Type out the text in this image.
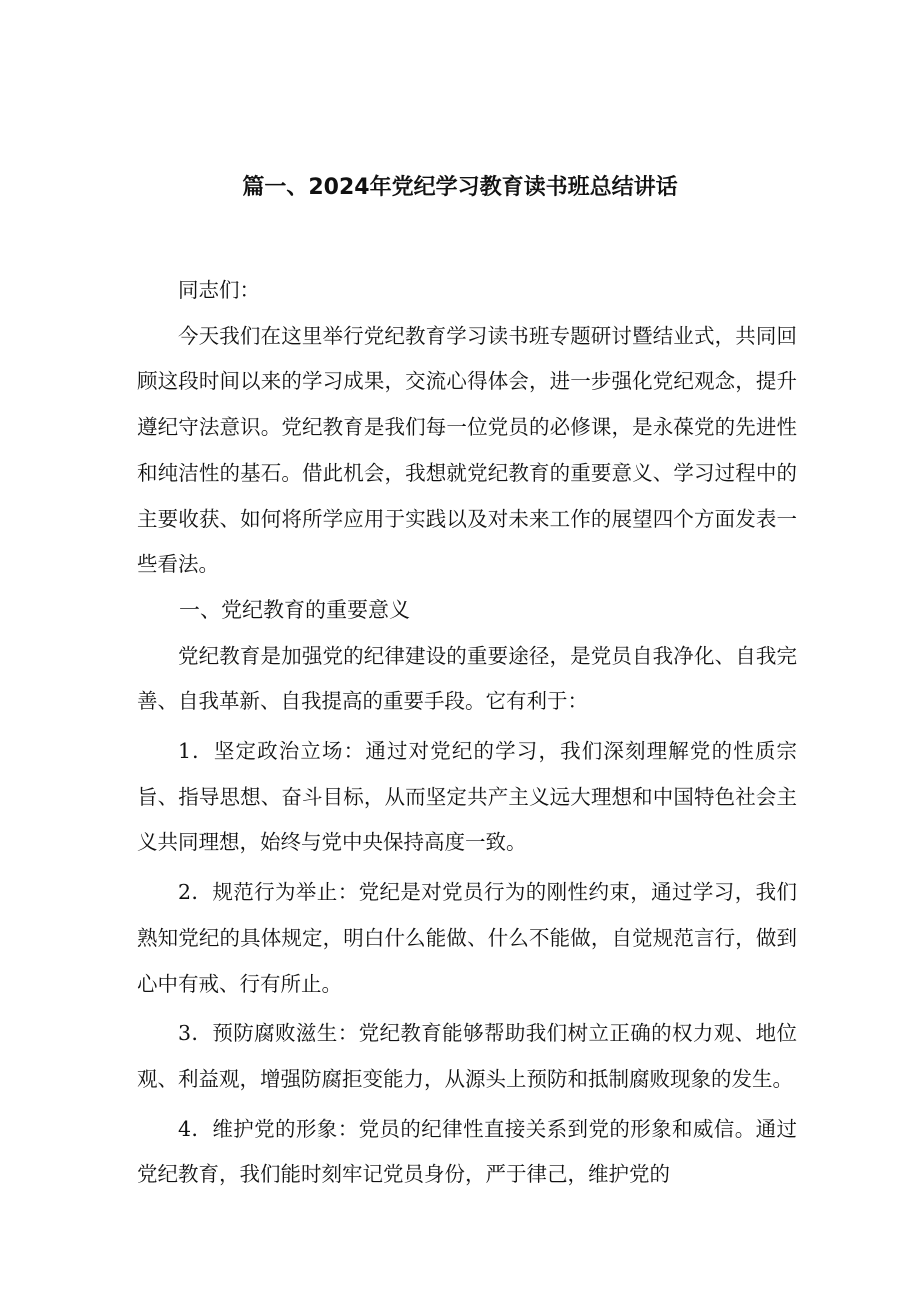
篇一、2024年党纪学习教育读书班总结讲话

同志们：

今天我们在这里举行党纪教育学习读书班专题研讨暨结业式，共同回顾这段时间以来的学习成果，交流心得体会，进一步强化党纪观念，提升遵纪守法意识。党纪教育是我们每一位党员的必修课，是永葆党的先进性和纯洁性的基石。借此机会，我想就党纪教育的重要意义、学习过程中的主要收获、如何将所学应用于实践以及对未来工作的展望四个方面发表一些看法。

一、党纪教育的重要意义

党纪教育是加强党的纪律建设的重要途径，是党员自我净化、自我完善、自我革新、自我提高的重要手段。它有利于：

1．坚定政治立场：通过对党纪的学习，我们深刻理解党的性质宗旨、指导思想、奋斗目标，从而坚定共产主义远大理想和中国特色社会主义共同理想，始终与党中央保持高度一致。

2．规范行为举止：党纪是对党员行为的刚性约束，通过学习，我们熟知党纪的具体规定，明白什么能做、什么不能做，自觉规范言行，做到心中有戒、行有所止。

3．预防腐败滋生：党纪教育能够帮助我们树立正确的权力观、地位观、利益观，增强防腐拒变能力，从源头上预防和抵制腐败现象的发生。

4．维护党的形象：党员的纪律性直接关系到党的形象和威信。通过党纪教育，我们能时刻牢记党员身份，严于律己，维护党的
